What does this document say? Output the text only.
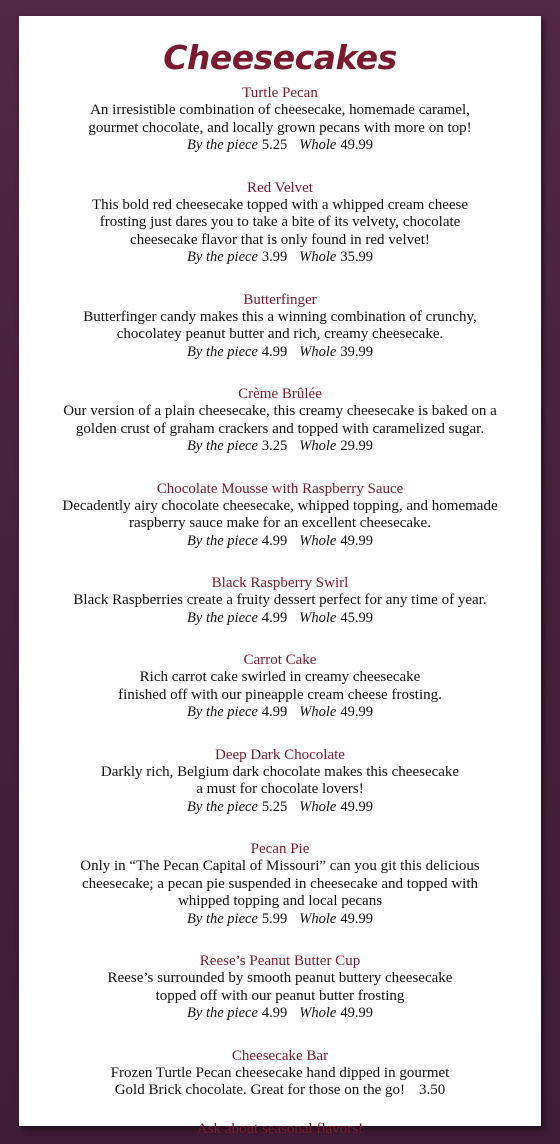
Cheesecakes
Turtle Pecan
An irresistible combination of cheesecake, homemade caramel,
gourmet chocolate, and locally grown pecans with more on top!
By the piece 5.25 Whole 49.99
Red Velvet
This bold red cheesecake topped with a whipped cream cheese
frosting just dares you to take a bite of its velvety, chocolate
cheesecake flavor that is only found in red velvet!
By the piece 3.99 Whole 35.99
Butterfinger
Butterfinger candy makes this a winning combination of crunchy,
chocolatey peanut butter and rich, creamy cheesecake.
By the piece 4.99 Whole 39.99
Crème Brûlée
Our version of a plain cheesecake, this creamy cheesecake is baked on a
golden crust of graham crackers and topped with caramelized sugar.
By the piece 3.25 Whole 29.99
Chocolate Mousse with Raspberry Sauce
Decadently airy chocolate cheesecake, whipped topping, and homemade
raspberry sauce make for an excellent cheesecake.
By the piece 4.99 Whole 49.99
Black Raspberry Swirl
Black Raspberries create a fruity dessert perfect for any time of year.
By the piece 4.99 Whole 45.99
Carrot Cake
Rich carrot cake swirled in creamy cheesecake
finished off with our pineapple cream cheese frosting.
By the piece 4.99 Whole 49.99
Deep Dark Chocolate
Darkly rich, Belgium dark chocolate makes this cheesecake
a must for chocolate lovers!
By the piece 5.25 Whole 49.99
Pecan Pie
Only in “The Pecan Capital of Missouri” can you git this delicious
cheesecake; a pecan pie suspended in cheesecake and topped with
whipped topping and local pecans
By the piece 5.99 Whole 49.99
Reese’s Peanut Butter Cup
Reese’s surrounded by smooth peanut buttery cheesecake
topped off with our peanut butter frosting
By the piece 4.99 Whole 49.99
Cheesecake Bar
Frozen Turtle Pecan cheesecake hand dipped in gourmet
Gold Brick chocolate. Great for those on the go! 3.50
Ask about seasonal flavors!
